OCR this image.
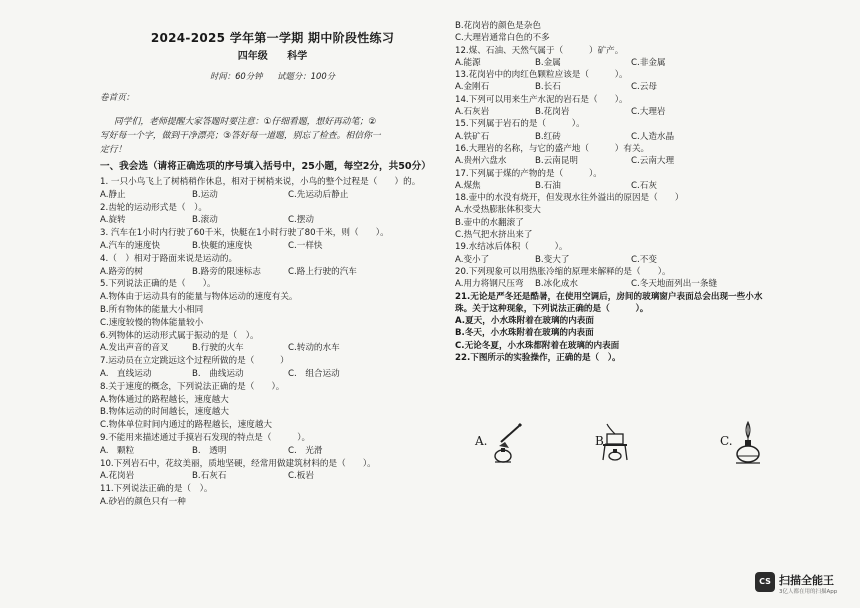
2024-2025 学年第一学期 期中阶段性练习
四年级 科学
时间：60分钟 试题分：100分
卷首页：
同学们，老师提醒大家答题时要注意：①仔细看题，想好再动笔；②
写好每一个字，做到干净漂亮；③答好每一道题，别忘了检查。相信你一
定行！
一、我会选（请将正确选项的序号填入括号中，25小题，每空2分，共50分）
1. 一只小鸟飞上了树梢稍作休息，相对于树梢来说，小鸟的整个过程是（　　）的。
A.静止	B.运动	C.先运动后静止
2.齿轮的运动形式是（　）。
A.旋转	B.滚动	C.摆动
3. 汽车在1小时内行驶了60千米，快艇在1小时行驶了80千米，则（　　）。
A.汽车的速度快	B.快艇的速度快	C.一样快
4.（　）相对于路面来说是运动的。
A.路旁的树	B.路旁的限速标志	C.路上行驶的汽车
5.下列说法正确的是（　　）。
A.物体由于运动具有的能量与物体运动的速度有关。
B.所有物体的能量大小相同
C.速度较慢的物体能量较小
6.列物体的运动形式属于振动的是（　）。
A.发出声音的音叉	B.行驶的火车	C.转动的水车
7.运动员在立定跳远这个过程所做的是（　　　）
A.　直线运动	B.　曲线运动	C.　组合运动
8.关于速度的概念，下列说法正确的是（　　）。
A.物体通过的路程越长，速度越大
B.物体运动的时间越长，速度越大
C.物体单位时间内通过的路程越长，速度越大
9.不能用来描述通过手摸岩石发现的特点是（　　　）。
A.　颗粒	B.　透明	C.　光滑
10.下列岩石中，花纹美丽，质地坚硬，经常用做建筑材料的是（　　）。
A.花岗岩	B.石灰石	C.板岩
11.下列说法正确的是（　）。
A.砂岩的颜色只有一种
B.花岗岩的颜色是杂色
C.大理岩通常白色的不多
12.煤、石油、天然气属于（　　　）矿产。
A.能源	B.金属	C.非金属
13.花岗岩中的肉红色颗粒应该是（　　　）。
A.金刚石	B.长石	C.云母
14.下列可以用来生产水泥的岩石是（　　）。
A.石灰岩	B.花岗岩	C.大理岩
15.下列属于岩石的是（　　　）。
A.铁矿石	B.红砖	C.人造水晶
16.大理岩的名称，与它的盛产地（　　　）有关。
A.贵州六盘水	B.云南昆明	C.云南大理
17.下列属于煤的产物的是（　　　）。
A.煤焦	B.石油	C.石灰
18.壶中的水没有烧开，但发现水往外溢出的原因是（　　）
A.水受热膨胀体积变大
B.壶中的水翻滚了
C.热气把水挤出来了
19.水结冰后体积（　　　）。
A.变小了	B.变大了	C.不变
20.下列现象可以用热胀冷缩的原理来解释的是（　　）。
A.用力将钢尺压弯	B.冰化成水	C.冬天地面列出一条缝
21.无论是严冬还是酷暑，在使用空调后，房间的玻璃窗户表面总会出现一些小水
珠。关于这种现象，下列说法正确的是（　　　）。
A.夏天，小水珠附着在玻璃的内表面
B.冬天，小水珠附着在玻璃的内表面
C.无论冬夏，小水珠都附着在玻璃的内表面
22.下图所示的实验操作，正确的是（　）。
A.	B.	C.
CS 扫描全能王
3亿人都在用的扫描App
